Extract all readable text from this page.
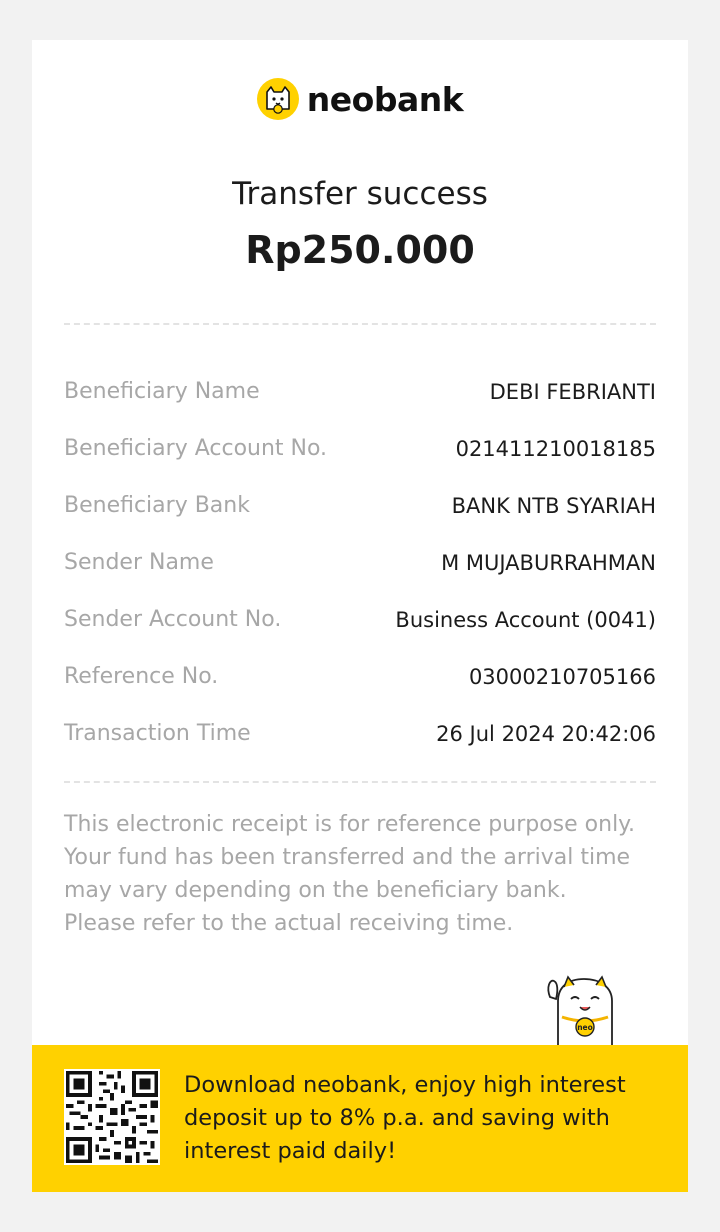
neobank
Transfer success
Rp250.000
Beneficiary Name	DEBI FEBRIANTI
Beneficiary Account No.	021411210018185
Beneficiary Bank	BANK NTB SYARIAH
Sender Name	M MUJABURRAHMAN
Sender Account No.	Business Account (0041)
Reference No.	03000210705166
Transaction Time	26 Jul 2024 20:42:06
This electronic receipt is for reference purpose only. Your fund has been transferred and the arrival time may vary depending on the beneficiary bank. Please refer to the actual receiving time.
neo
Download neobank, enjoy high interest deposit up to 8% p.a. and saving with interest paid daily!
